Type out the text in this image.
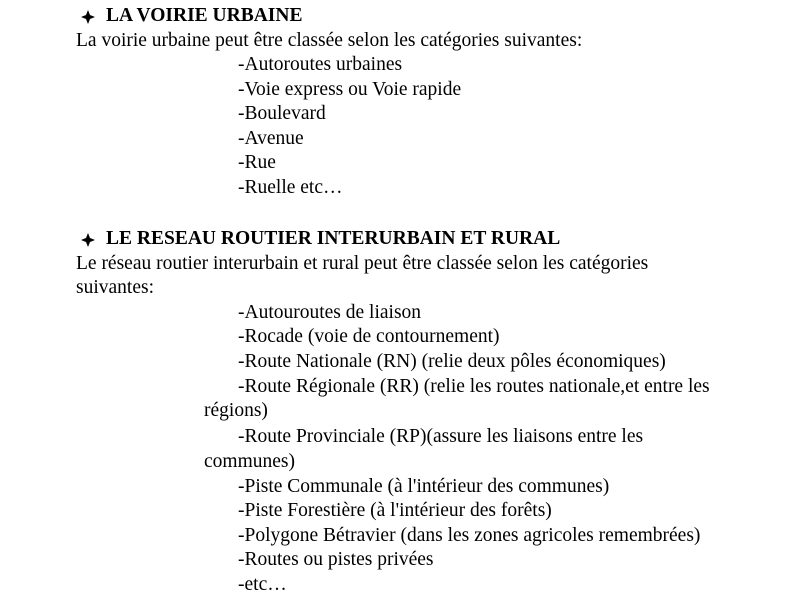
LA VOIRIE URBAINE
La voirie urbaine peut être classée selon les catégories suivantes:
-Autoroutes urbaines
-Voie express ou Voie rapide
-Boulevard
-Avenue
-Rue
-Ruelle etc…
LE RESEAU ROUTIER INTERURBAIN ET RURAL
Le réseau routier interurbain et rural peut être classée selon les catégories
suivantes:
-Autouroutes de liaison
-Rocade (voie de contournement)
-Route Nationale (RN) (relie deux pôles économiques)
-Route Régionale (RR) (relie les routes nationale,et entre les
régions)
-Route Provinciale (RP)(assure les liaisons entre les
communes)
-Piste Communale (à l'intérieur des communes)
-Piste Forestière (à l'intérieur des forêts)
-Polygone Bétravier (dans les zones agricoles remembrées)
-Routes ou pistes privées
-etc…
